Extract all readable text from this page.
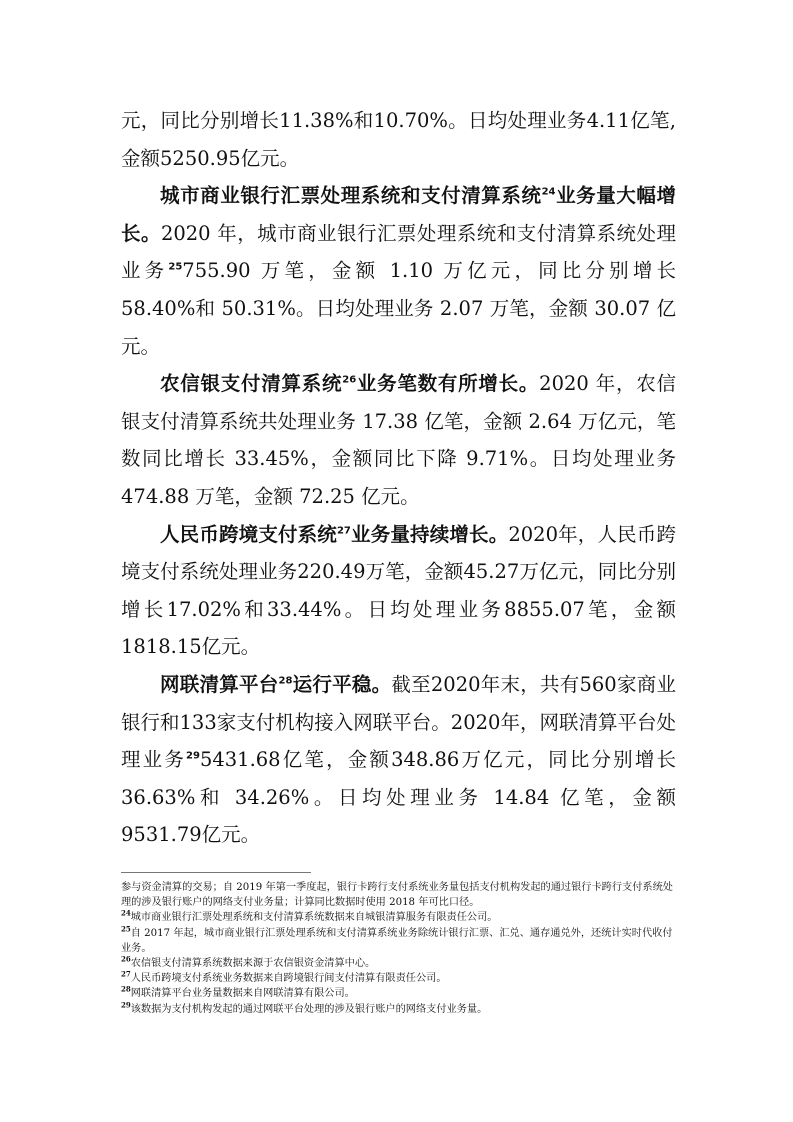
元，同比分别增长11.38%和10.70%。日均处理业务4.11亿笔,金额5250.95亿元。

城市商业银行汇票处理系统和支付清算系统$^{24}$业务量大幅增长。2020 年，城市商业银行汇票处理系统和支付清算系统处理业务$^{25}$755.90 万笔，金额 1.10 万亿元，同比分别增长 58.40%和 50.31%。日均处理业务 2.07 万笔，金额 30.07 亿元。

农信银支付清算系统$^{26}$业务笔数有所增长。2020 年，农信银支付清算系统共处理业务 17.38 亿笔，金额 2.64 万亿元，笔数同比增长 33.45%，金额同比下降 9.71%。日均处理业务 474.88 万笔，金额 72.25 亿元。

人民币跨境支付系统$^{27}$业务量持续增长。2020年，人民币跨境支付系统处理业务220.49万笔，金额45.27万亿元，同比分别增长17.02%和33.44%。日均处理业务8855.07笔，金额1818.15亿元。

网联清算平台$^{28}$运行平稳。截至2020年末，共有560家商业银行和133家支付机构接入网联平台。2020年，网联清算平台处理业务$^{29}$5431.68亿笔，金额348.86万亿元，同比分别增长 36.63%和 34.26%。日均处理业务 14.84 亿笔，金额 9531.79亿元。

参与资金清算的交易；自 2019 年第一季度起，银行卡跨行支付系统业务量包括支付机构发起的通过银行卡跨行支付系统处理的涉及银行账户的网络支付业务量；计算同比数据时使用 2018 年可比口径。

$^{24}$城市商业银行汇票处理系统和支付清算系统数据来自城银清算服务有限责任公司。

$^{25}$自 2017 年起，城市商业银行汇票处理系统和支付清算系统业务除统计银行汇票、汇兑、通存通兑外，还统计实时代收付业务。

$^{26}$农信银支付清算系统数据来源于农信银资金清算中心。

$^{27}$人民币跨境支付系统业务数据来自跨境银行间支付清算有限责任公司。

$^{28}$网联清算平台业务量数据来自网联清算有限公司。

$^{29}$该数据为支付机构发起的通过网联平台处理的涉及银行账户的网络支付业务量。
